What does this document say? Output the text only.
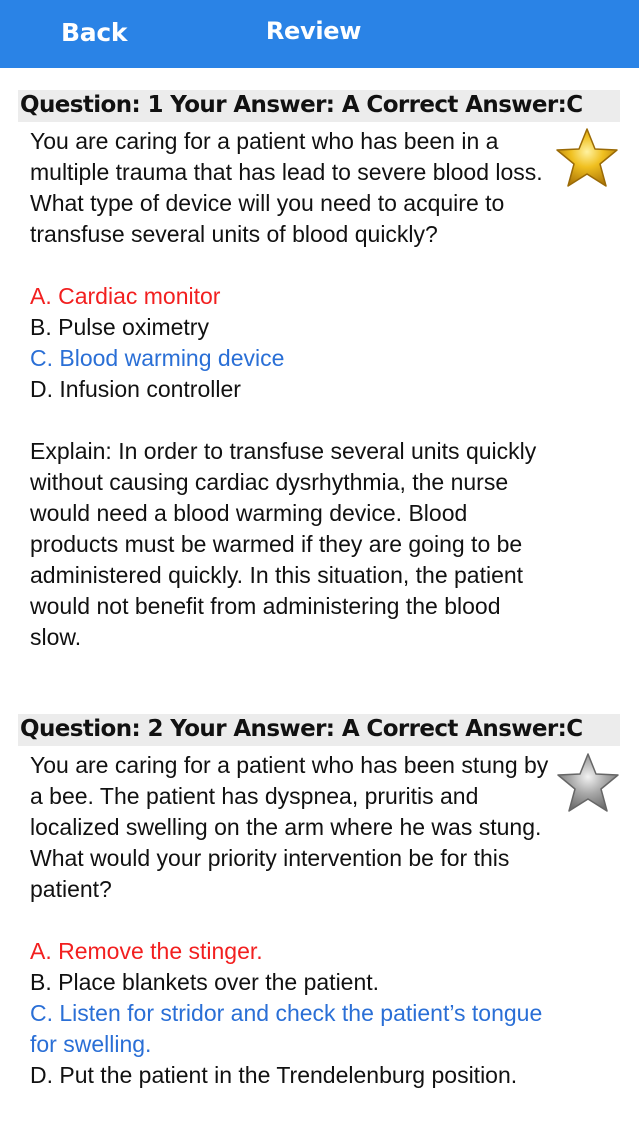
Back	Review
Question: 1 Your Answer: A Correct Answer:C
You are caring for a patient who has been in a multiple trauma that has lead to severe blood loss. What type of device will you need to acquire to transfuse several units of blood quickly?
A. Cardiac monitor
B. Pulse oximetry
C. Blood warming device
D. Infusion controller
Explain: In order to transfuse several units quickly without causing cardiac dysrhythmia, the nurse would need a blood warming device. Blood products must be warmed if they are going to be administered quickly. In this situation, the patient would not benefit from administering the blood slow.
Question: 2 Your Answer: A Correct Answer:C
You are caring for a patient who has been stung by a bee. The patient has dyspnea, pruritis and localized swelling on the arm where he was stung. What would your priority intervention be for this patient?
A. Remove the stinger.
B. Place blankets over the patient.
C. Listen for stridor and check the patient’s tongue for swelling.
D. Put the patient in the Trendelenburg position.
